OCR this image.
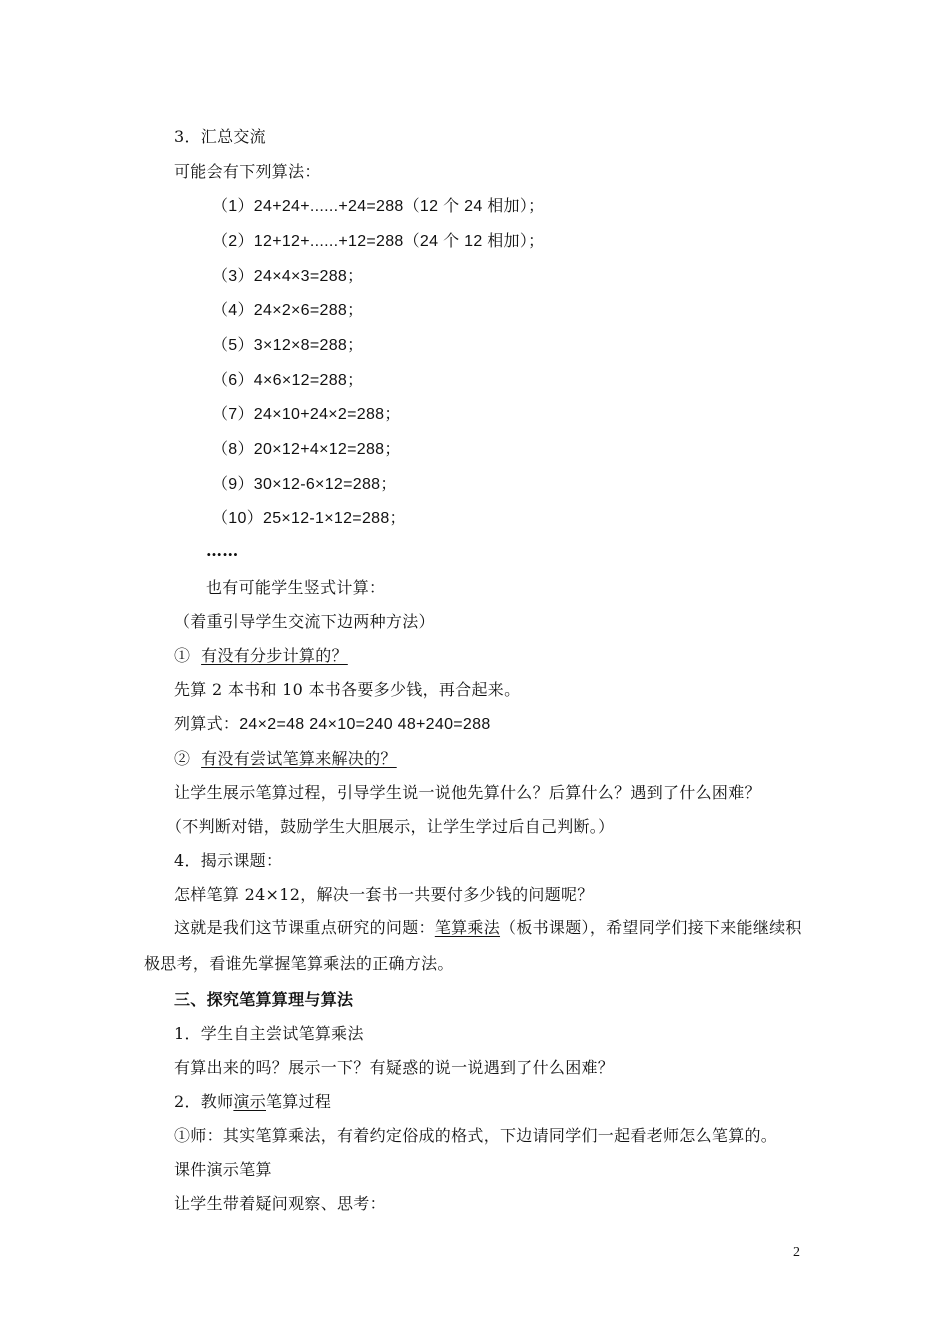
3．汇总交流
可能会有下列算法：
（1）24+24+......+24=288（12 个 24 相加）；
（2）12+12+......+12=288（24 个 12 相加）；
（3）24×4×3=288；
（4）24×2×6=288；
（5）3×12×8=288；
（6）4×6×12=288；
（7）24×10+24×2=288；
（8）20×12+4×12=288；
（9）30×12-6×12=288；
（10）25×12-1×12=288；
……
也有可能学生竖式计算：
（着重引导学生交流下边两种方法）
① 有没有分步计算的？
先算 2 本书和 10 本书各要多少钱，再合起来。
列算式：24×2=48 24×10=240 48+240=288
② 有没有尝试笔算来解决的？
让学生展示笔算过程，引导学生说一说他先算什么？后算什么？遇到了什么困难？
（不判断对错，鼓励学生大胆展示，让学生学过后自己判断。）
4．揭示课题：
怎样笔算 24×12，解决一套书一共要付多少钱的问题呢？
这就是我们这节课重点研究的问题：笔算乘法（板书课题），希望同学们接下来能继续积极思考，看谁先掌握笔算乘法的正确方法。
三、探究笔算算理与算法
1．学生自主尝试笔算乘法
有算出来的吗？展示一下？有疑惑的说一说遇到了什么困难？
2．教师演示笔算过程
①师：其实笔算乘法，有着约定俗成的格式，下边请同学们一起看老师怎么笔算的。
课件演示笔算
让学生带着疑问观察、思考：
2
